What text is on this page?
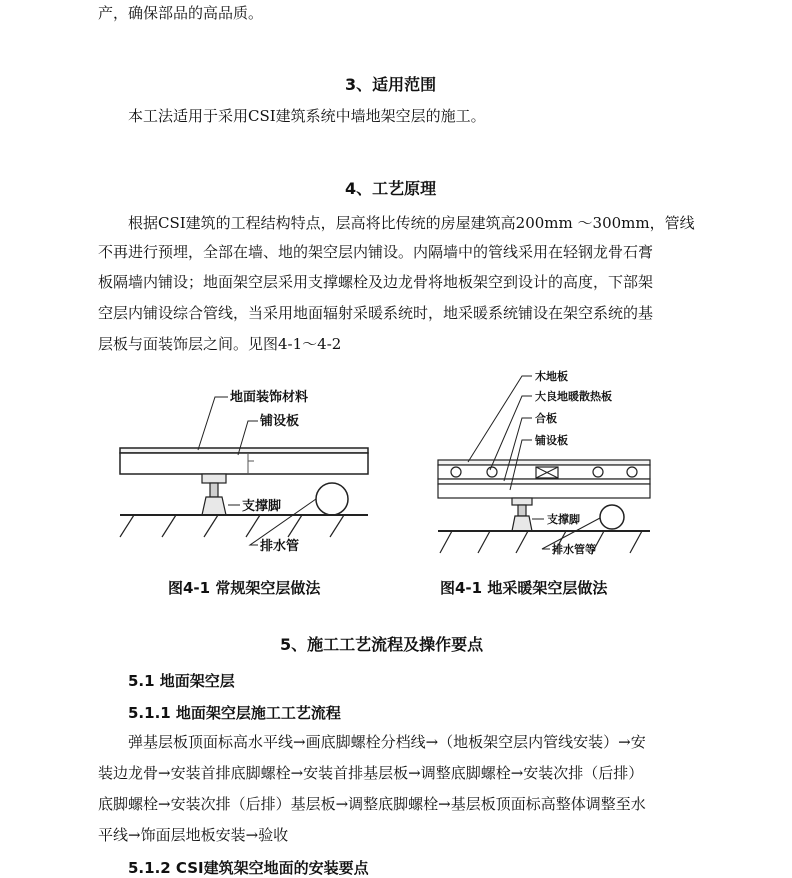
产，确保部品的高品质。
3、适用范围
本工法适用于采用CSI建筑系统中墙地架空层的施工。
4、工艺原理
根据CSI建筑的工程结构特点，层高将比传统的房屋建筑高200mm ～300mm，管线
不再进行预埋，全部在墙、地的架空层内铺设。内隔墙中的管线采用在轻钢龙骨石膏
板隔墙内铺设；地面架空层采用支撑螺栓及边龙骨将地板架空到设计的高度，下部架
空层内铺设综合管线，当采用地面辐射采暖系统时，地采暖系统铺设在架空系统的基
层板与面装饰层之间。见图4-1～4-2
地面装饰材料
铺设板
支撑脚
排水管
木地板
大良地暖散热板
合板
铺设板
支撑脚
排水管等
图4-1 常规架空层做法	图4-1 地采暖架空层做法
5、施工工艺流程及操作要点
5.1 地面架空层
5.1.1 地面架空层施工工艺流程
弹基层板顶面标高水平线→画底脚螺栓分档线→（地板架空层内管线安装）→安
装边龙骨→安装首排底脚螺栓→安装首排基层板→调整底脚螺栓→安装次排（后排）
底脚螺栓→安装次排（后排）基层板→调整底脚螺栓→基层板顶面标高整体调整至水
平线→饰面层地板安装→验收
5.1.2 CSI建筑架空地面的安装要点
